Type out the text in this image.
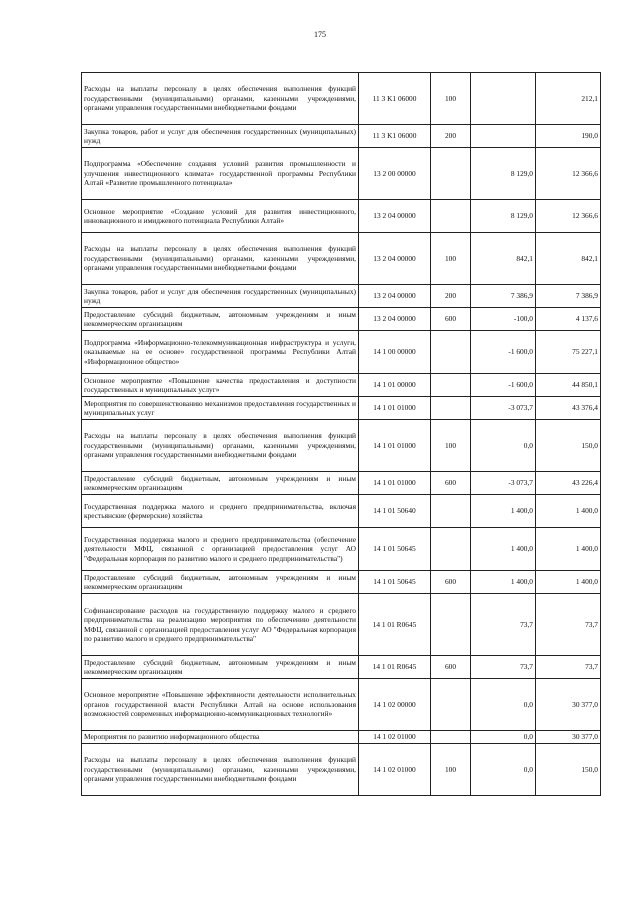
175
Расходы на выплаты персоналу в целях обеспечения выполнения функций государственными (муниципальными) органами, казенными учреждениями, органами управления государственными внебюджетными фондами	11 3 K1 06000	100		212,1
Закупка товаров, работ и услуг для обеспечения государственных (муниципальных) нужд	11 3 K1 06000	200		190,0
Подпрограмма «Обеспечение создания условий развития промышленности и улучшения инвестиционного климата» государственной программы Республики Алтай «Развитие промышленного потенциала»	13 2 00 00000		8 129,0	12 366,6
Основное мероприятие «Создание условий для развития инвестиционного, инновационного и имиджевого потенциала Республики Алтай»	13 2 04 00000		8 129,0	12 366,6
Расходы на выплаты персоналу в целях обеспечения выполнения функций государственными (муниципальными) органами, казенными учреждениями, органами управления государственными внебюджетными фондами	13 2 04 00000	100	842,1	842,1
Закупка товаров, работ и услуг для обеспечения государственных (муниципальных) нужд	13 2 04 00000	200	7 386,9	7 386,9
Предоставление субсидий бюджетным, автономным учреждениям и иным некоммерческим организациям	13 2 04 00000	600	-100,0	4 137,6
Подпрограмма «Информационно-телекоммуникационная инфраструктура и услуги, оказываемые на ее основе» государственной программы Республики Алтай «Информационное общество»	14 1 00 00000		-1 600,0	75 227,1
Основное мероприятие «Повышение качества предоставления и доступности государственных и муниципальных услуг»	14 1 01 00000		-1 600,0	44 850,1
Мероприятия по совершенствованию механизмов предоставления государственных и муниципальных услуг	14 1 01 01000		-3 073,7	43 376,4
Расходы на выплаты персоналу в целях обеспечения выполнения функций государственными (муниципальными) органами, казенными учреждениями, органами управления государственными внебюджетными фондами	14 1 01 01000	100	0,0	150,0
Предоставление субсидий бюджетным, автономным учреждениям и иным некоммерческим организациям	14 1 01 01000	600	-3 073,7	43 226,4
Государственная поддержка малого и среднего предпринимательства, включая крестьянские (фермерские) хозяйства	14 1 01 50640		1 400,0	1 400,0
Государственная поддержка малого и среднего предпринимательства (обеспечение деятельности МФЦ, связанной с организацией предоставления услуг АО "Федеральная корпорация по развитию малого и среднего предпринимательства")	14 1 01 50645		1 400,0	1 400,0
Предоставление субсидий бюджетным, автономным учреждениям и иным некоммерческим организациям	14 1 01 50645	600	1 400,0	1 400,0
Софинансирование расходов на государственную поддержку малого и среднего предпринимательства на реализацию мероприятия по обеспечению деятельности МФЦ, связанной с организацией предоставления услуг АО "Федеральная корпорация по развитию малого и среднего предпринимательства"	14 1 01 R0645		73,7	73,7
Предоставление субсидий бюджетным, автономным учреждениям и иным некоммерческим организациям	14 1 01 R0645	600	73,7	73,7
Основное мероприятие «Повышение эффективности деятельности исполнительных органов государственной власти Республики Алтай на основе использования возможностей современных информационно-коммуникационных технологий»	14 1 02 00000		0,0	30 377,0
Мероприятия по развитию информационного общества	14 1 02 01000		0,0	30 377,0
Расходы на выплаты персоналу в целях обеспечения выполнения функций государственными (муниципальными) органами, казенными учреждениями, органами управления государственными внебюджетными фондами	14 1 02 01000	100	0,0	150,0
